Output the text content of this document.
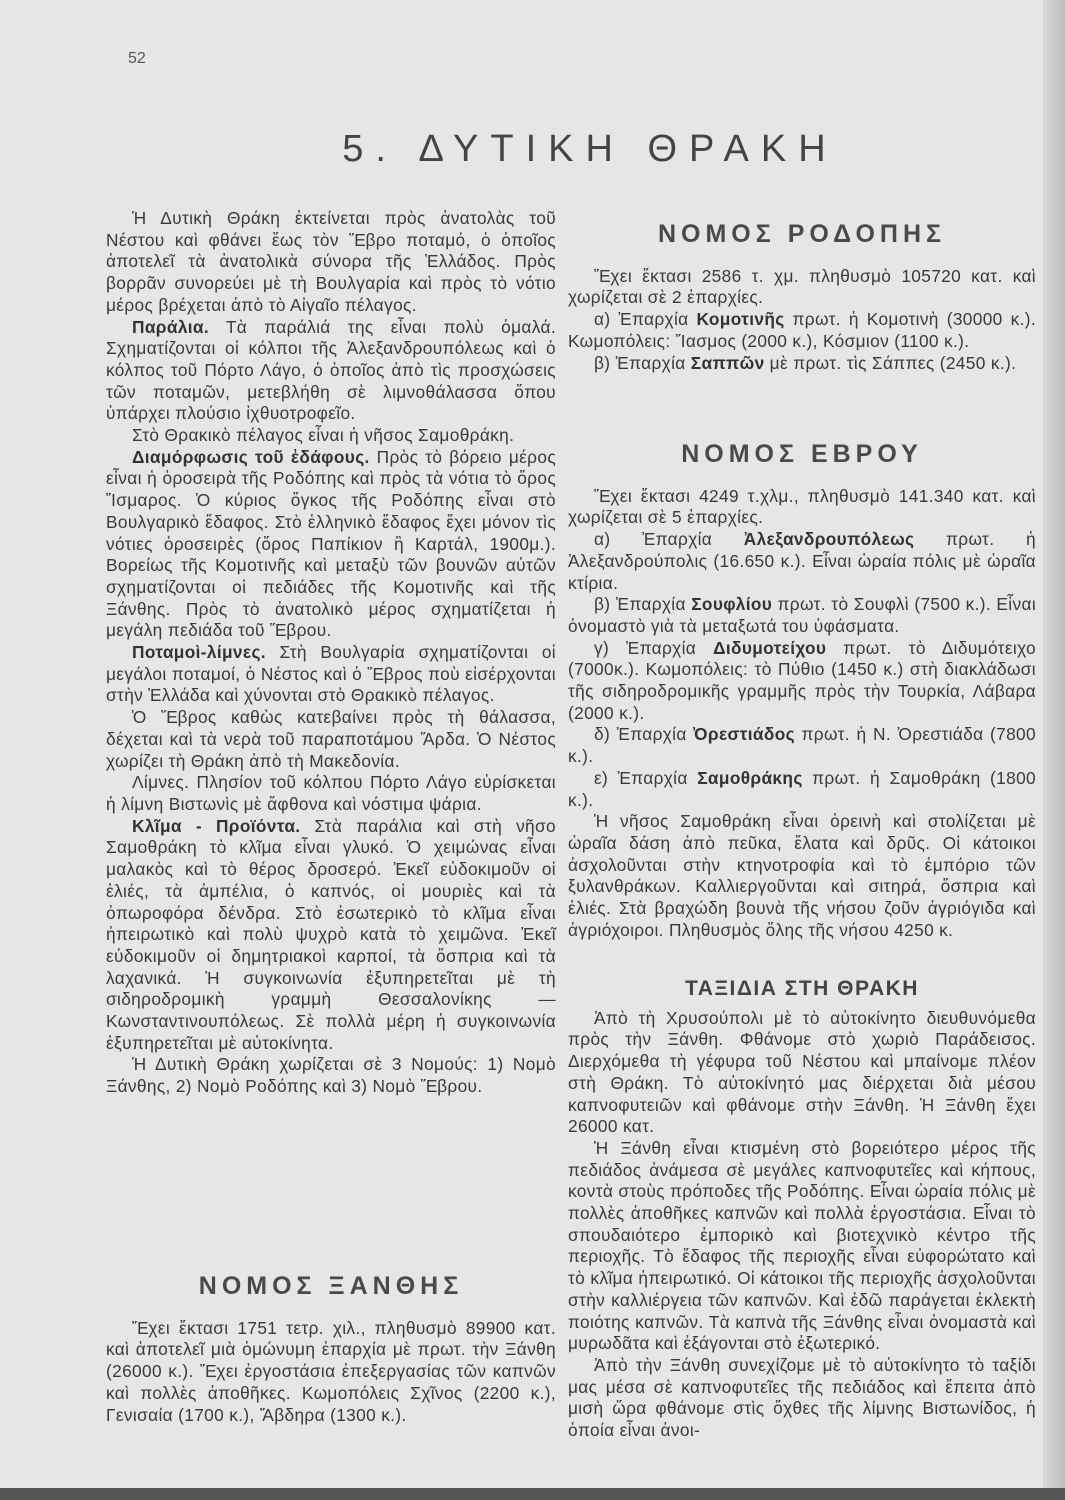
52
5. ΔΥΤΙΚΗ ΘΡΑΚΗ

Ἡ Δυτικὴ Θράκη ἐκτείνεται πρὸς ἀνατολὰς τοῦ Νέστου καὶ φθάνει ἕως τὸν Ἕβρο ποταμό, ὁ ὁποῖος ἀποτελεῖ τὰ ἀνατολικὰ σύνορα τῆς Ἑλλάδος. Πρὸς βορρᾶν συνορεύει μὲ τὴ Βουλγαρία καὶ πρὸς τὸ νότιο μέρος βρέχεται ἀπὸ τὸ Αἰγαῖο πέλαγος.

Παράλια. Τὰ παράλιά της εἶναι πολὺ ὁμαλά. Σχηματίζονται οἱ κόλποι τῆς Ἀλεξανδρουπόλεως καὶ ὁ κόλπος τοῦ Πόρτο Λάγο, ὁ ὁποῖος ἀπὸ τὶς προσχώσεις τῶν ποταμῶν, μετεβλήθη σὲ λιμνοθάλασσα ὅπου ὑπάρχει πλούσιο ἰχθυοτροφεῖο.

Στὸ Θρακικὸ πέλαγος εἶναι ἡ νῆσος Σαμοθράκη.

Διαμόρφωσις τοῦ ἐδάφους. Πρὸς τὸ βόρειο μέρος εἶναι ἡ ὀροσειρὰ τῆς Ροδόπης καὶ πρὸς τὰ νότια τὸ ὄρος Ἴσμαρος. Ὁ κύριος ὄγκος τῆς Ροδόπης εἶναι στὸ Βουλγαρικὸ ἔδαφος. Στὸ ἑλληνικὸ ἔδαφος ἔχει μόνον τὶς νότιες ὀροσειρὲς (ὄρος Παπίκιον ἢ Καρτάλ, 1900μ.). Βορείως τῆς Κομοτινῆς καὶ μεταξὺ τῶν βουνῶν αὐτῶν σχηματίζονται οἱ πεδιάδες τῆς Κομοτινῆς καὶ τῆς Ξάνθης. Πρὸς τὸ ἀνατολικὸ μέρος σχηματίζεται ἡ μεγάλη πεδιάδα τοῦ Ἕβρου.

Ποταμοὶ-λίμνες. Στὴ Βουλγαρία σχηματίζονται οἱ μεγάλοι ποταμοί, ὁ Νέστος καὶ ὁ Ἕβρος ποὺ εἰσέρχονται στὴν Ἑλλάδα καὶ χύνονται στὸ Θρακικὸ πέλαγος.

Ὁ Ἕβρος καθὼς κατεβαίνει πρὸς τὴ θάλασσα, δέχεται καὶ τὰ νερὰ τοῦ παραποτάμου Ἄρδα. Ὁ Νέστος χωρίζει τὴ Θράκη ἀπὸ τὴ Μακεδονία.

Λίμνες. Πλησίον τοῦ κόλπου Πόρτο Λάγο εὑρίσκεται ἡ λίμνη Βιστωνὶς μὲ ἄφθονα καὶ νόστιμα ψάρια.

Κλῖμα - Προϊόντα. Στὰ παράλια καὶ στὴ νῆσο Σαμοθράκη τὸ κλῖμα εἶναι γλυκό. Ὁ χειμώνας εἶναι μαλακὸς καὶ τὸ θέρος δροσερό. Ἐκεῖ εὐδοκιμοῦν οἱ ἐλιές, τὰ ἀμπέλια, ὁ καπνός, οἱ μουριὲς καὶ τὰ ὀπωροφόρα δένδρα. Στὸ ἐσωτερικὸ τὸ κλῖμα εἶναι ἠπειρωτικὸ καὶ πολὺ ψυχρὸ κατὰ τὸ χειμῶνα. Ἐκεῖ εὐδοκιμοῦν οἱ δημητριακοὶ καρποί, τὰ ὄσπρια καὶ τὰ λαχανικά. Ἡ συγκοινωνία ἐξυπηρετεῖται μὲ τὴ σιδηροδρομικὴ γραμμὴ Θεσσαλονίκης — Κωνσταντινουπόλεως. Σὲ πολλὰ μέρη ἡ συγκοινωνία ἐξυπηρετεῖται μὲ αὐτοκίνητα.

Ἡ Δυτικὴ Θράκη χωρίζεται σὲ 3 Νομούς: 1) Νομὸ Ξάνθης, 2) Νομὸ Ροδόπης καὶ 3) Νομὸ Ἕβρου.

ΝΟΜΟΣ ΞΑΝΘΗΣ

Ἔχει ἔκτασι 1751 τετρ. χιλ., πληθυσμὸ 89900 κατ. καὶ ἀποτελεῖ μιὰ ὁμώνυμη ἐπαρχία μὲ πρωτ. τὴν Ξάνθη (26000 κ.). Ἔχει ἐργοστάσια ἐπεξεργασίας τῶν καπνῶν καὶ πολλὲς ἀποθῆκες. Κωμοπόλεις Σχῖνος (2200 κ.), Γενισαία (1700 κ.), Ἄβδηρα (1300 κ.).

ΝΟΜΟΣ ΡΟΔΟΠΗΣ

Ἔχει ἔκτασι 2586 τ. χμ. πληθυσμὸ 105720 κατ. καὶ χωρίζεται σὲ 2 ἐπαρχίες.

α) Ἐπαρχία Κομοτινῆς πρωτ. ἡ Κομοτινὴ (30000 κ.). Κωμοπόλεις: Ἴασμος (2000 κ.), Κόσμιον (1100 κ.).

β) Ἐπαρχία Σαππῶν μὲ πρωτ. τὶς Σάππες (2450 κ.).

ΝΟΜΟΣ ΕΒΡΟΥ

Ἔχει ἔκτασι 4249 τ.χλμ., πληθυσμὸ 141.340 κατ. καὶ χωρίζεται σὲ 5 ἐπαρχίες.

α) Ἐπαρχία Ἀλεξανδρουπόλεως πρωτ. ἡ Ἀλεξανδρούπολις (16.650 κ.). Εἶναι ὡραία πόλις μὲ ὡραῖα κτίρια.

β) Ἐπαρχία Σουφλίου πρωτ. τὸ Σουφλὶ (7500 κ.). Εἶναι ὀνομαστὸ γιὰ τὰ μεταξωτά του ὑφάσματα.

γ) Ἐπαρχία Διδυμοτείχου πρωτ. τὸ Διδυμότειχο (7000κ.). Κωμοπόλεις: τὸ Πύθιο (1450 κ.) στὴ διακλάδωσι τῆς σιδηροδρομικῆς γραμμῆς πρὸς τὴν Τουρκία, Λάβαρα (2000 κ.).

δ) Ἐπαρχία Ὀρεστιάδος πρωτ. ἡ Ν. Ὀρεστιάδα (7800 κ.).

ε) Ἐπαρχία Σαμοθράκης πρωτ. ἡ Σαμοθράκη (1800 κ.).

Ἡ νῆσος Σαμοθράκη εἶναι ὀρεινὴ καὶ στολίζεται μὲ ὡραῖα δάση ἀπὸ πεῦκα, ἔλατα καὶ δρῦς. Οἱ κάτοικοι ἀσχολοῦνται στὴν κτηνοτροφία καὶ τὸ ἐμπόριο τῶν ξυλανθράκων. Καλλιεργοῦνται καὶ σιτηρά, ὄσπρια καὶ ἐλιές. Στὰ βραχώδη βουνὰ τῆς νήσου ζοῦν ἀγριόγιδα καὶ ἀγριόχοιροι. Πληθυσμὸς ὅλης τῆς νήσου 4250 κ.

ΤΑΞΙΔΙΑ ΣΤΗ ΘΡΑΚΗ

Ἀπὸ τὴ Χρυσούπολι μὲ τὸ αὐτοκίνητο διευθυνόμεθα πρὸς τὴν Ξάνθη. Φθάνομε στὸ χωριὸ Παράδεισος. Διερχόμεθα τὴ γέφυρα τοῦ Νέστου καὶ μπαίνομε πλέον στὴ Θράκη. Τὸ αὐτοκίνητό μας διέρχεται διὰ μέσου καπνοφυτειῶν καὶ φθάνομε στὴν Ξάνθη. Ἡ Ξάνθη ἔχει 26000 κατ.

Ἡ Ξάνθη εἶναι κτισμένη στὸ βορειότερο μέρος τῆς πεδιάδος ἀνάμεσα σὲ μεγάλες καπνοφυτεῖες καὶ κήπους, κοντὰ στοὺς πρόποδες τῆς Ροδόπης. Εἶναι ὡραία πόλις μὲ πολλὲς ἀποθῆκες καπνῶν καὶ πολλὰ ἐργοστάσια. Εἶναι τὸ σπουδαιότερο ἐμπορικὸ καὶ βιοτεχνικὸ κέντρο τῆς περιοχῆς. Τὸ ἔδαφος τῆς περιοχῆς εἶναι εὐφορώτατο καὶ τὸ κλῖμα ἠπειρωτικό. Οἱ κάτοικοι τῆς περιοχῆς ἀσχολοῦνται στὴν καλλιέργεια τῶν καπνῶν. Καὶ ἐδῶ παράγεται ἐκλεκτὴ ποιότης καπνῶν. Τὰ καπνὰ τῆς Ξάνθης εἶναι ὀνομαστὰ καὶ μυρωδᾶτα καὶ ἐξάγονται στὸ ἐξωτερικό.

Ἀπὸ τὴν Ξάνθη συνεχίζομε μὲ τὸ αὐτοκίνητο τὸ ταξίδι μας μέσα σὲ καπνοφυτεῖες τῆς πεδιάδος καὶ ἔπειτα ἀπὸ μισὴ ὥρα φθάνομε στὶς ὄχθες τῆς λίμνης Βιστωνίδος, ἡ ὁποία εἶναι ἀνοι-
